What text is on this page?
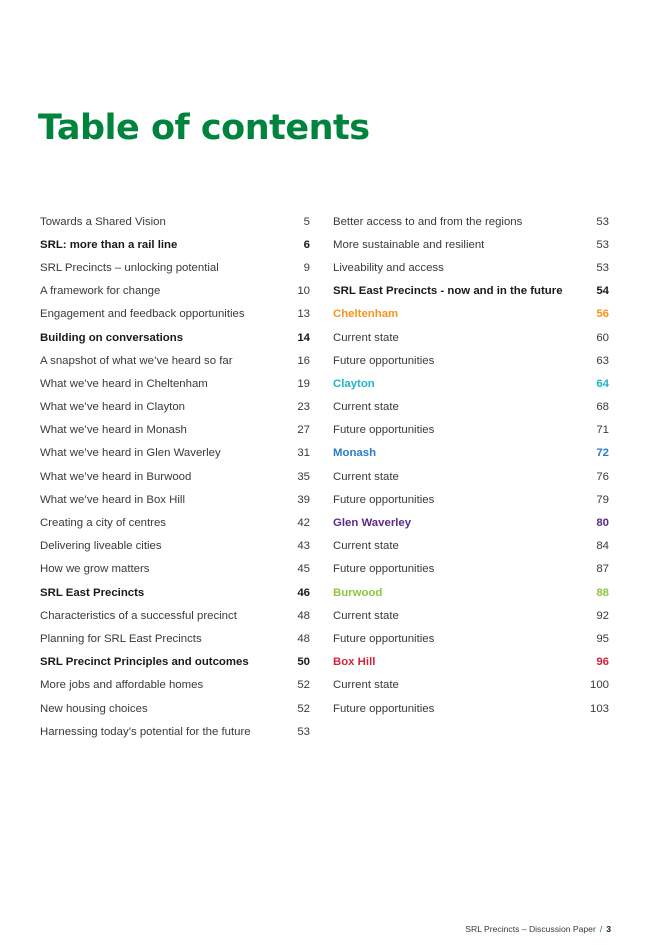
Table of contents
Towards a Shared Vision	5
SRL: more than a rail line	6
SRL Precincts – unlocking potential	9
A framework for change	10
Engagement and feedback opportunities	13
Building on conversations	14
A snapshot of what we’ve heard so far	16
What we’ve heard in Cheltenham	19
What we’ve heard in Clayton	23
What we’ve heard in Monash	27
What we’ve heard in Glen Waverley	31
What we’ve heard in Burwood	35
What we’ve heard in Box Hill	39
Creating a city of centres	42
Delivering liveable cities	43
How we grow matters	45
SRL East Precincts	46
Characteristics of a successful precinct	48
Planning for SRL East Precincts	48
SRL Precinct Principles and outcomes	50
More jobs and affordable homes	52
New housing choices	52
Harnessing today’s potential for the future	53
Better access to and from the regions	53
More sustainable and resilient	53
Liveability and access	53
SRL East Precincts - now and in the future	54
Cheltenham	56
Current state	60
Future opportunities	63
Clayton	64
Current state	68
Future opportunities	71
Monash	72
Current state	76
Future opportunities	79
Glen Waverley	80
Current state	84
Future opportunities	87
Burwood	88
Current state	92
Future opportunities	95
Box Hill	96
Current state	100
Future opportunities	103
SRL Precincts – Discussion Paper / 3
